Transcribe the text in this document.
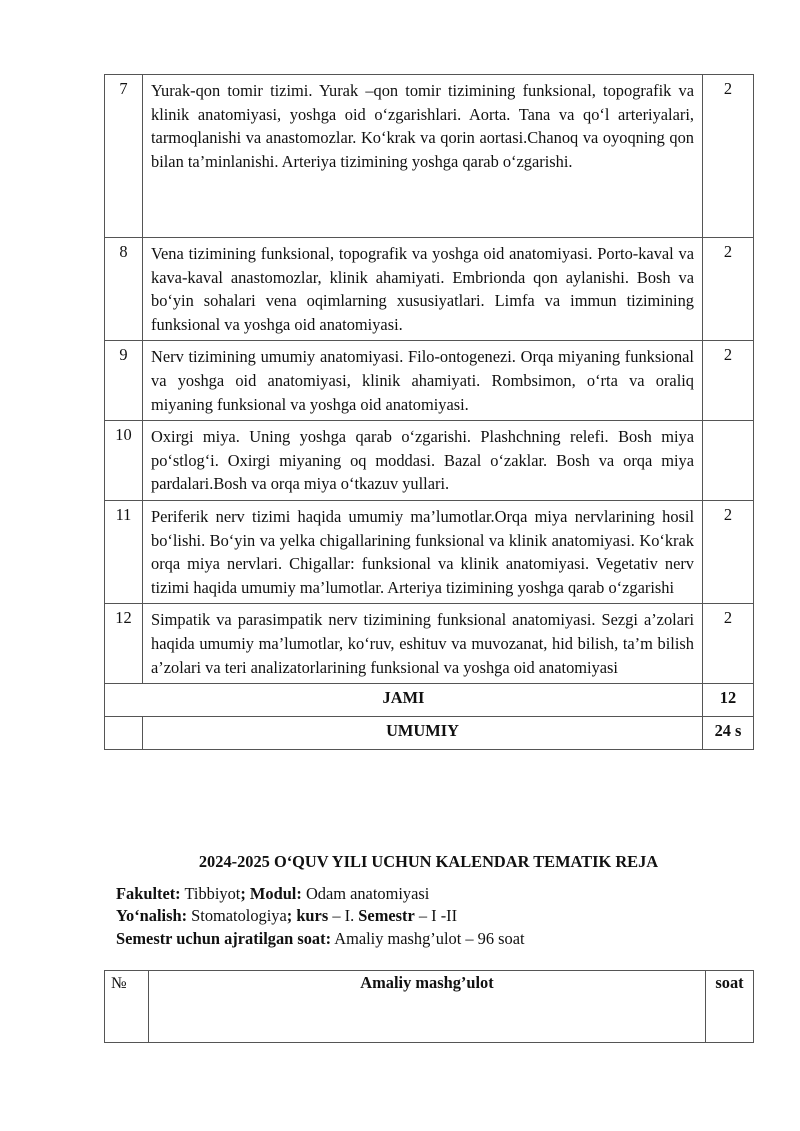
7	Yurak-qon tomir tizimi. Yurak –qon tomir tizimining funksional, topografik va klinik anatomiyasi, yoshga oid o‘zgarishlari. Aorta. Tana va qo‘l arteriyalari, tarmoqlanishi va anastomozlar. Ko‘krak va qorin aortasi.Chanoq va oyoqning qon bilan ta’minlanishi. Arteriya tizimining yoshga qarab o‘zgarishi.	2
8	Vena tizimining funksional, topografik va yoshga oid anatomiyasi. Porto-kaval va kava-kaval anastomozlar, klinik ahamiyati. Embrionda qon aylanishi. Bosh va bo‘yin sohalari vena oqimlarning xususiyatlari. Limfa va immun tizimining funksional va yoshga oid anatomiyasi.	2
9	Nerv tizimining umumiy anatomiyasi. Filo-ontogenezi. Orqa miyaning funksional va yoshga oid anatomiyasi, klinik ahamiyati. Rombsimon, o‘rta va oraliq miyaning funksional va yoshga oid anatomiyasi.	2
10	Oxirgi miya. Uning yoshga qarab o‘zgarishi. Plashchning relefi. Bosh miya po‘stlog‘i. Oxirgi miyaning oq moddasi. Bazal o‘zaklar. Bosh va orqa miya pardalari.Bosh va orqa miya o‘tkazuv yullari.	
11	Periferik nerv tizimi haqida umumiy ma’lumotlar.Orqa miya nervlarining hosil bo‘lishi. Bo‘yin va yelka chigallarining funksional va klinik anatomiyasi. Ko‘krak orqa miya nervlari. Chigallar: funksional va klinik anatomiyasi. Vegetativ nerv tizimi haqida umumiy ma’lumotlar. Arteriya tizimining yoshga qarab o‘zgarishi	2
12	Simpatik va parasimpatik nerv tizimining funksional anatomiyasi. Sezgi a’zolari haqida umumiy ma’lumotlar, ko‘ruv, eshituv va muvozanat, hid bilish, ta’m bilish a’zolari va teri analizatorlarining funksional va yoshga oid anatomiyasi	2
JAMI		12
	UMUMIY	24 s
2024-2025 O‘QUV YILI UCHUN KALENDAR TEMATIK REJA

Fakultet: Tibbiyot; Modul: Odam anatomiyasi

Yo‘nalish: Stomatologiya; kurs – I. Semestr – I -II

Semestr uchun ajratilgan soat: Amaliy mashg’ulot – 96 soat

№	Amaliy mashg’ulot	soat
